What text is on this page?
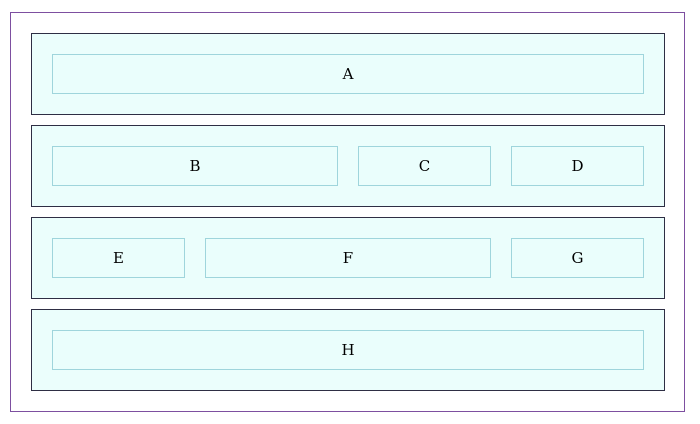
A
B	C	D
E	F	G
H
